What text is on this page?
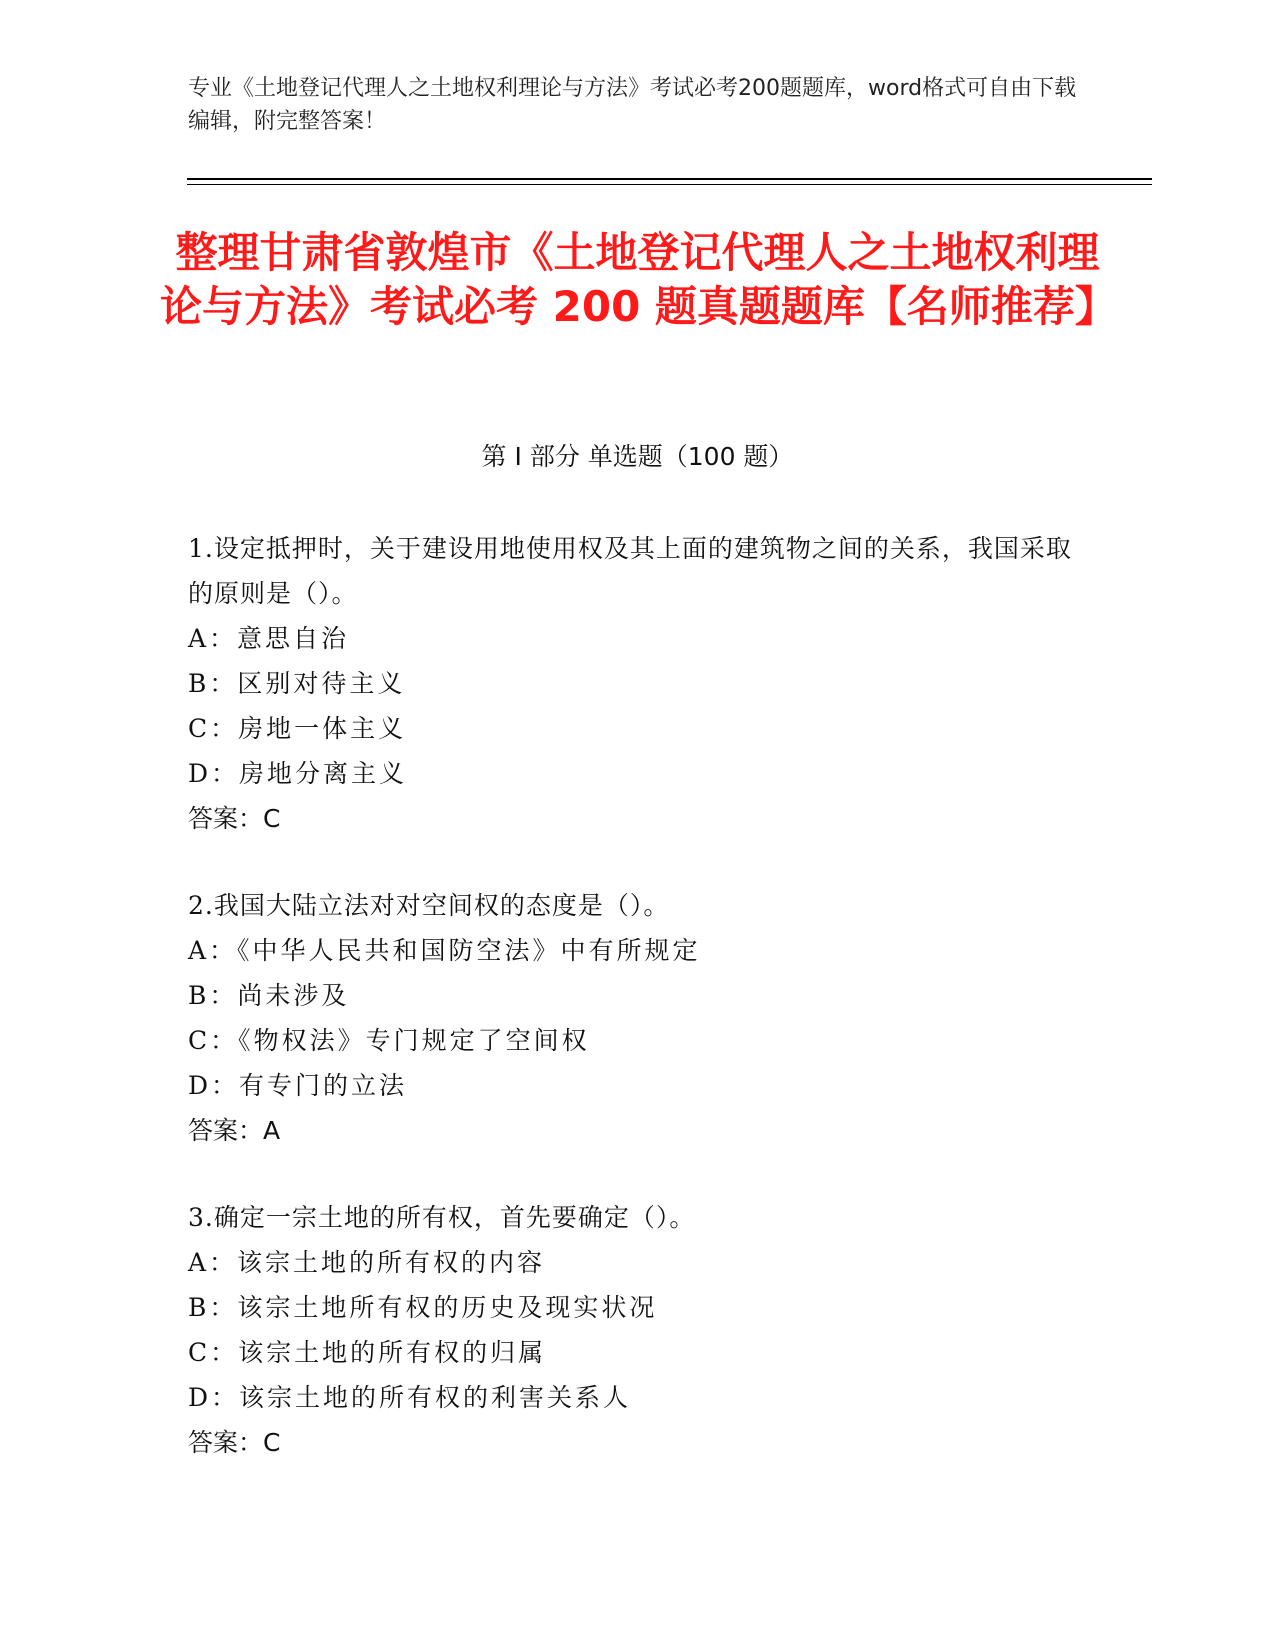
专业《土地登记代理人之土地权利理论与方法》考试必考200题题库，word格式可自由下载编辑，附完整答案！
整理甘肃省敦煌市《土地登记代理人之土地权利理论与方法》考试必考 200 题真题题库【名师推荐】
第 I 部分 单选题（100 题）
1.设定抵押时，关于建设用地使用权及其上面的建筑物之间的关系，我国采取的原则是（）。
A：意思自治
B：区别对待主义
C：房地一体主义
D：房地分离主义
答案：C
2.我国大陆立法对对空间权的态度是（）。
A：《中华人民共和国防空法》中有所规定
B：尚未涉及
C：《物权法》专门规定了空间权
D：有专门的立法
答案：A
3.确定一宗土地的所有权，首先要确定（）。
A：该宗土地的所有权的内容
B：该宗土地所有权的历史及现实状况
C：该宗土地的所有权的归属
D：该宗土地的所有权的利害关系人
答案：C
